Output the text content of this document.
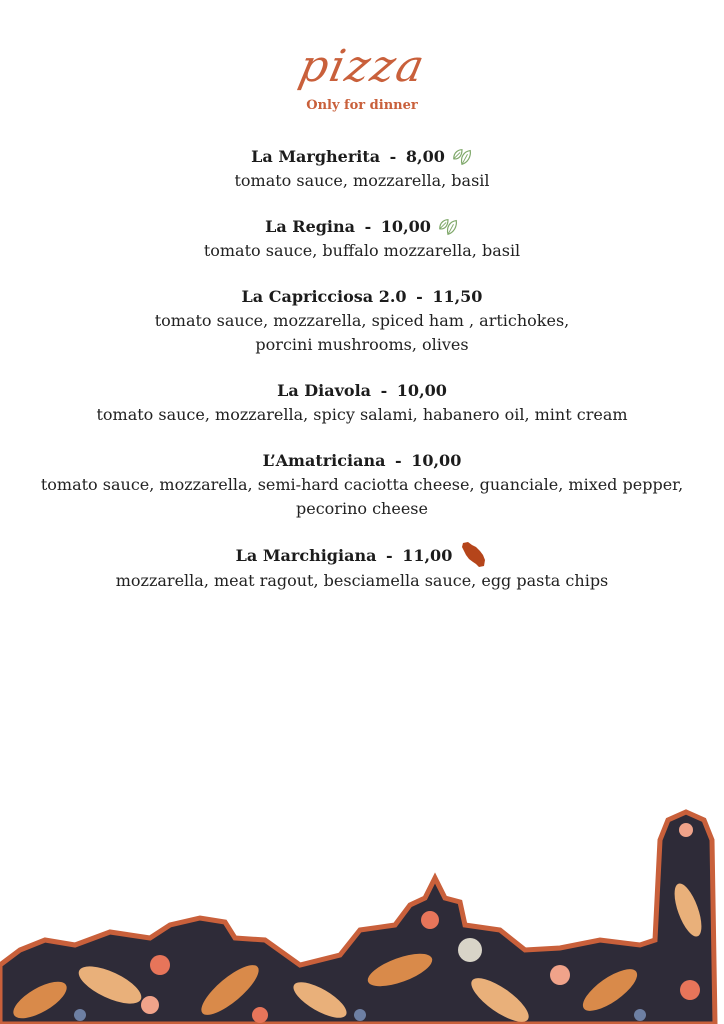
pizza
Only for dinner
La Margherita - 8,00
tomato sauce, mozzarella, basil
La Regina - 10,00
tomato sauce, buffalo mozzarella, basil
La Capricciosa 2.0 - 11,50
tomato sauce, mozzarella, spiced ham , artichokes,
porcini mushrooms, olives
La Diavola - 10,00
tomato sauce, mozzarella, spicy salami, habanero oil, mint cream
L’Amatriciana - 10,00
tomato sauce, mozzarella, semi-hard caciotta cheese, guanciale, mixed pepper,
pecorino cheese
La Marchigiana - 11,00
mozzarella, meat ragout, besciamella sauce, egg pasta chips
